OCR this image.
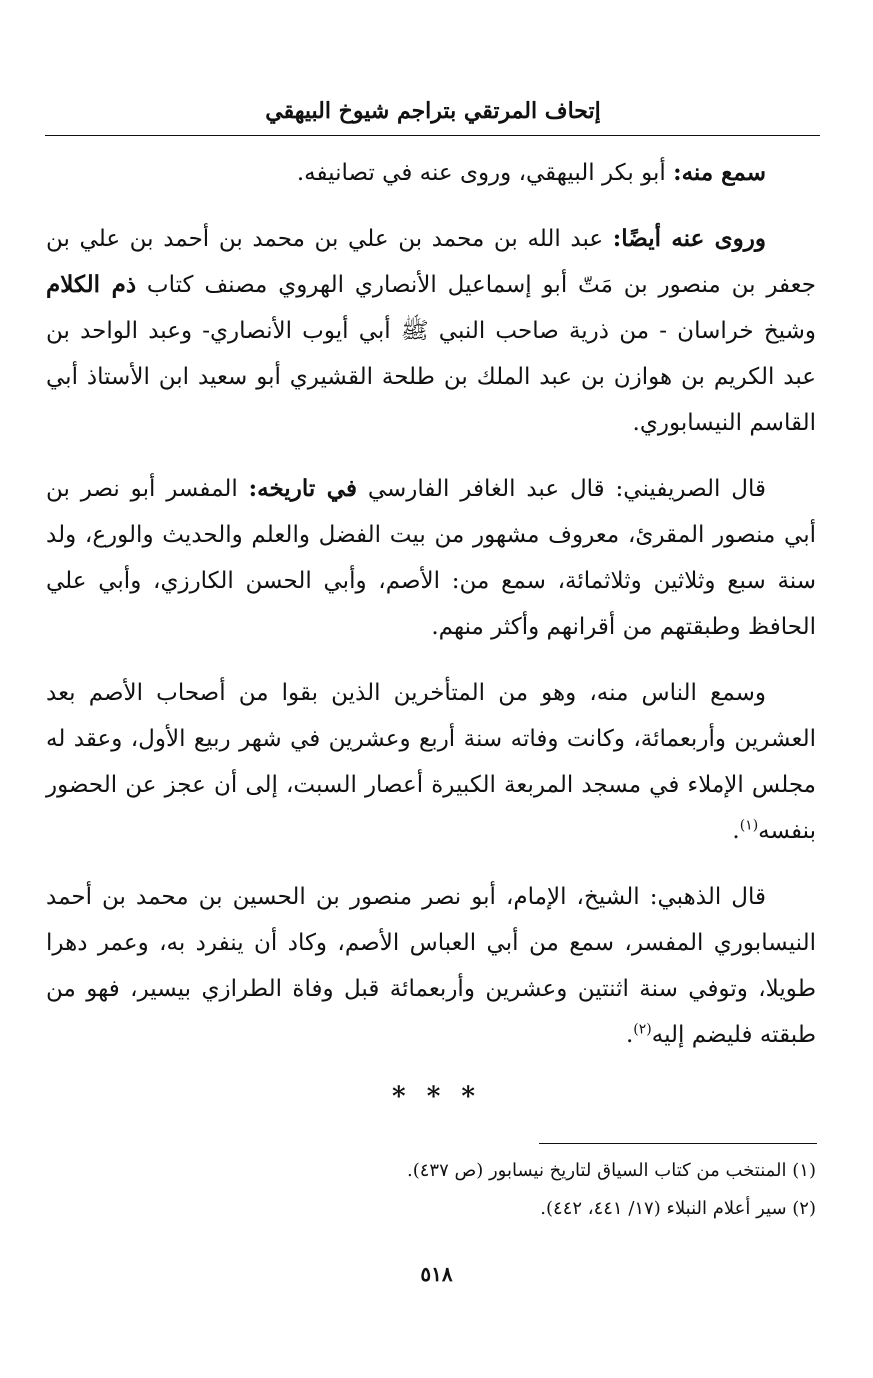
إتحاف المرتقي بتراجم شيوخ البيهقي

سمع منه: أبو بكر البيهقي، وروى عنه في تصانيفه.

وروى عنه أيضًا: عبد الله بن محمد بن علي بن محمد بن أحمد بن علي بن جعفر بن منصور بن مَتّ أبو إسماعيل الأنصاري الهروي مصنف كتاب ذم الكلام وشيخ خراسان - من ذرية صاحب النبي ﷺ أبي أيوب الأنصاري- وعبد الواحد بن عبد الكريم بن هوازن بن عبد الملك بن طلحة القشيري أبو سعيد ابن الأستاذ أبي القاسم النيسابوري.

قال الصريفيني: قال عبد الغافر الفارسي في تاريخه: المفسر أبو نصر بن أبي منصور المقرئ، معروف مشهور من بيت الفضل والعلم والحديث والورع، ولد سنة سبع وثلاثين وثلاثمائة، سمع من: الأصم، وأبي الحسن الكارزي، وأبي علي الحافظ وطبقتهم من أقرانهم وأكثر منهم.

وسمع الناس منه، وهو من المتأخرين الذين بقوا من أصحاب الأصم بعد العشرين وأربعمائة، وكانت وفاته سنة أربع وعشرين في شهر ربيع الأول، وعقد له مجلس الإملاء في مسجد المربعة الكبيرة أعصار السبت، إلى أن عجز عن الحضور بنفسه$^{(١)}$.

قال الذهبي: الشيخ، الإمام، أبو نصر منصور بن الحسين بن محمد بن أحمد النيسابوري المفسر، سمع من أبي العباس الأصم، وكاد أن ينفرد به، وعمر دهرا طويلا، وتوفي سنة اثنتين وعشرين وأربعمائة قبل وفاة الطرازي بيسير، فهو من طبقته فليضم إليه$^{(٢)}$.

* * *

(١) المنتخب من كتاب السياق لتاريخ نيسابور (ص ٤٣٧).

(٢) سير أعلام النبلاء (١٧/ ٤٤١، ٤٤٢).

٥١٨
